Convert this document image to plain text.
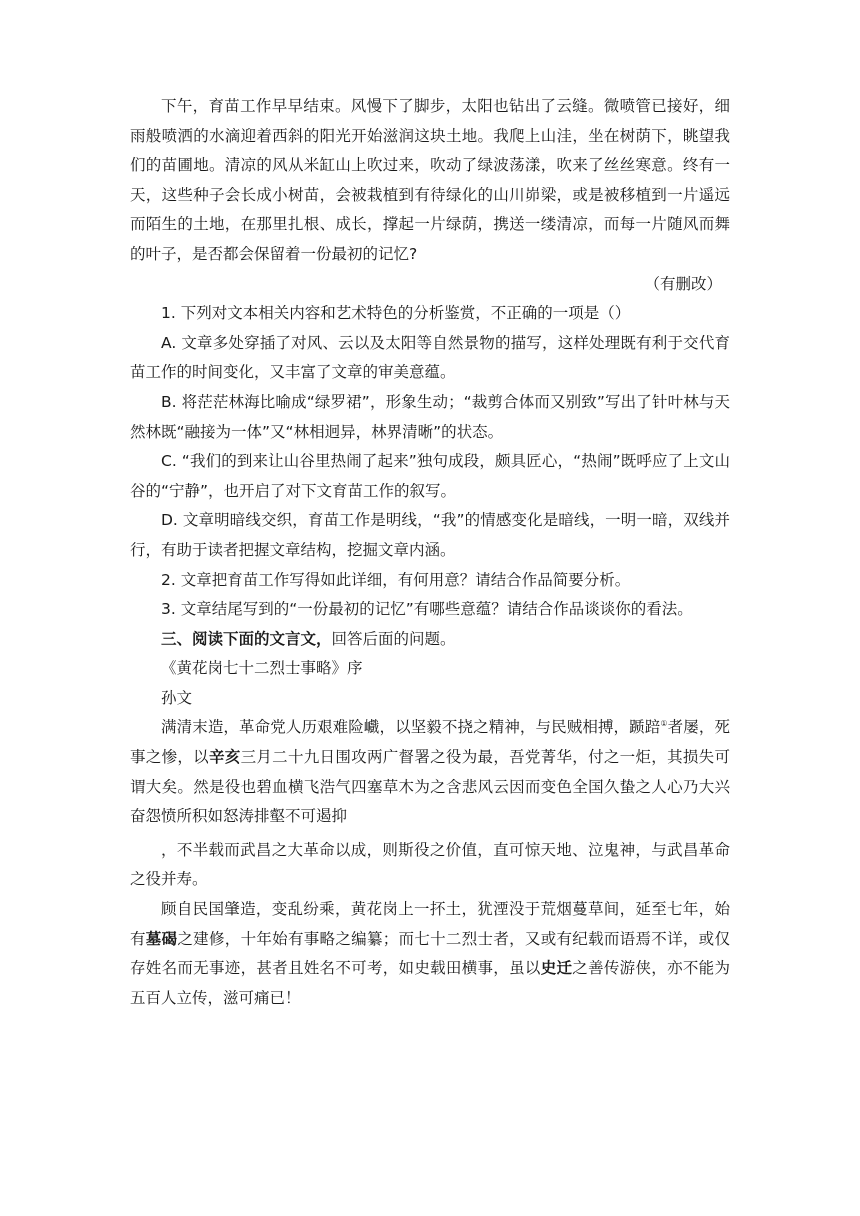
下午，育苗工作早早结束。风慢下了脚步，太阳也钻出了云缝。微喷管已接好，细雨般喷洒的水滴迎着西斜的阳光开始滋润这块土地。我爬上山洼，坐在树荫下，眺望我们的苗圃地。清凉的风从米缸山上吹过来，吹动了绿波荡漾，吹来了丝丝寒意。终有一天，这些种子会长成小树苗，会被栽植到有待绿化的山川峁梁，或是被移植到一片遥远而陌生的土地，在那里扎根、成长，撑起一片绿荫，携送一缕清凉，而每一片随风而舞的叶子，是否都会保留着一份最初的记忆?

（有删改）

1. 下列对文本相关内容和艺术特色的分析鉴赏，不正确的一项是（）

A. 文章多处穿插了对风、云以及太阳等自然景物的描写，这样处理既有利于交代育苗工作的时间变化，又丰富了文章的审美意蕴。

B. 将茫茫林海比喻成“绿罗裙”，形象生动；“裁剪合体而又别致”写出了针叶林与天然林既“融接为一体”又“林相迥异，林界清晰”的状态。

C. “我们的到来让山谷里热闹了起来”独句成段，颇具匠心，“热闹”既呼应了上文山谷的“宁静”，也开启了对下文育苗工作的叙写。

D. 文章明暗线交织，育苗工作是明线，“我”的情感变化是暗线，一明一暗，双线并行，有助于读者把握文章结构，挖掘文章内涵。

2. 文章把育苗工作写得如此详细，有何用意？请结合作品简要分析。

3. 文章结尾写到的“一份最初的记忆”有哪些意蕴？请结合作品谈谈你的看法。

三、阅读下面的文言文，回答后面的问题。

《黄花岗七十二烈士事略》序

孙文

满清末造，革命党人历艰难险巇，以坚毅不挠之精神，与民贼相搏，踬踣①者屡，死事之惨，以辛亥三月二十九日围攻两广督署之役为最，吾党菁华，付之一炬，其损失可谓大矣。然是役也碧血横飞浩气四塞草木为之含悲风云因而变色全国久蛰之人心乃大兴奋怨愤所积如怒涛排壑不可遏抑

，不半载而武昌之大革命以成，则斯役之价值，直可惊天地、泣鬼神，与武昌革命之役并寿。

顾自民国肇造，变乱纷乘，黄花岗上一抔土，犹湮没于荒烟蔓草间，延至七年，始有墓碣之建修，十年始有事略之编纂；而七十二烈士者，又或有纪载而语焉不详，或仅存姓名而无事迹，甚者且姓名不可考，如史载田横事，虽以史迁之善传游侠，亦不能为五百人立传，滋可痛已！
